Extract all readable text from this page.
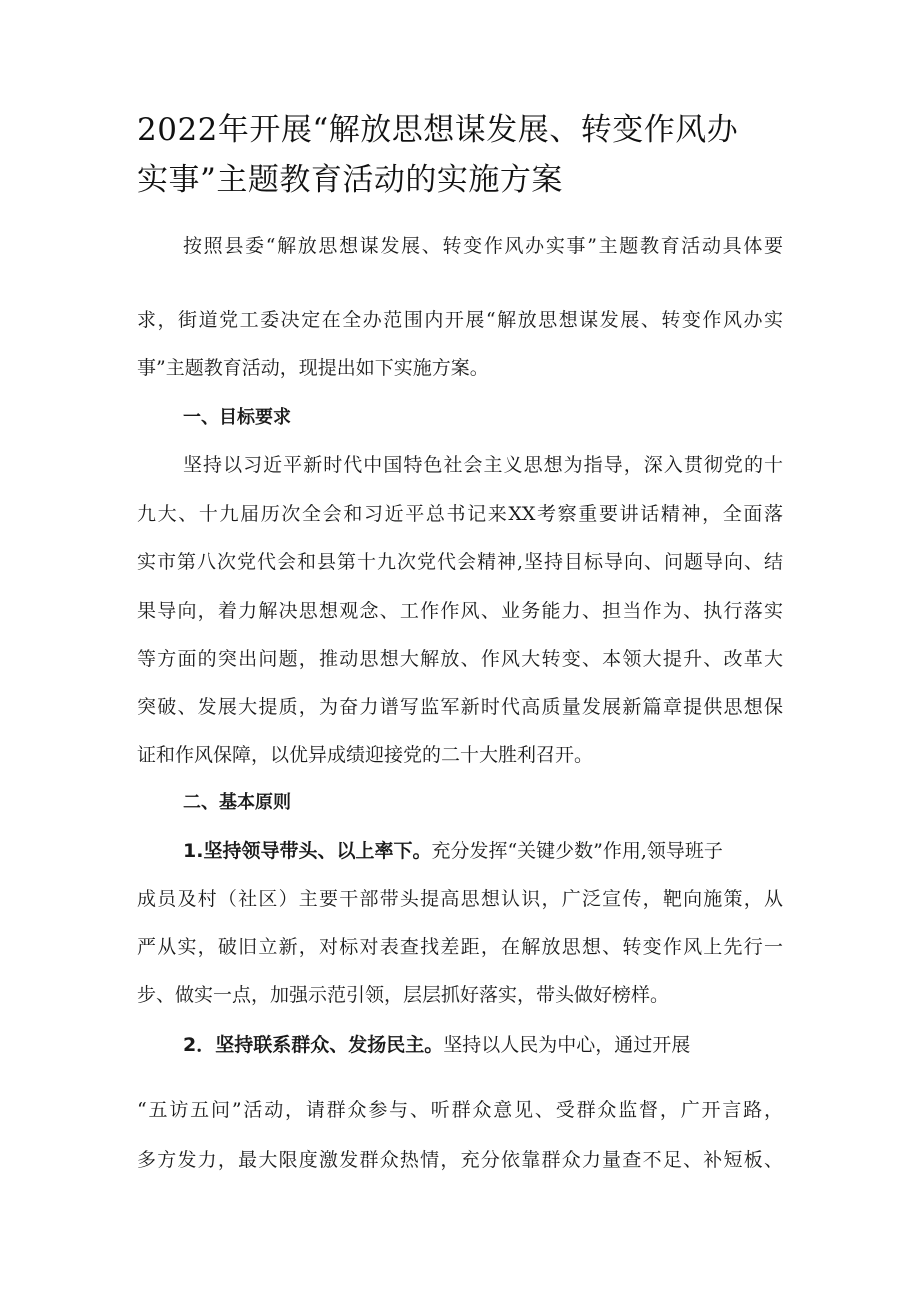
2022年开展“解放思想谋发展、转变作风办
实事”主题教育活动的实施方案
按照县委“解放思想谋发展、转变作风办实事”主题教育活动具体要
求，街道党工委决定在全办范围内开展“解放思想谋发展、转变作风办实
事”主题教育活动，现提出如下实施方案。
一、目标要求
坚持以习近平新时代中国特色社会主义思想为指导，深入贯彻党的十
九大、十九届历次全会和习近平总书记来XX考察重要讲话精神，全面落
实市第八次党代会和县第十九次党代会精神,坚持目标导向、问题导向、结
果导向，着力解决思想观念、工作作风、业务能力、担当作为、执行落实
等方面的突出问题，推动思想大解放、作风大转变、本领大提升、改革大
突破、发展大提质，为奋力谱写监军新时代高质量发展新篇章提供思想保
证和作风保障，以优异成绩迎接党的二十大胜利召开。
二、基本原则
1.坚持领导带头、以上率下。充分发挥“关键少数”作用,领导班子
成员及村（社区）主要干部带头提高思想认识，广泛宣传，靶向施策，从
严从实，破旧立新，对标对表查找差距，在解放思想、转变作风上先行一
步、做实一点，加强示范引领，层层抓好落实，带头做好榜样。
2．坚持联系群众、发扬民主。坚持以人民为中心，通过开展
“五访五问”活动，请群众参与、听群众意见、受群众监督，广开言路，
多方发力，最大限度激发群众热情，充分依靠群众力量查不足、补短板、
